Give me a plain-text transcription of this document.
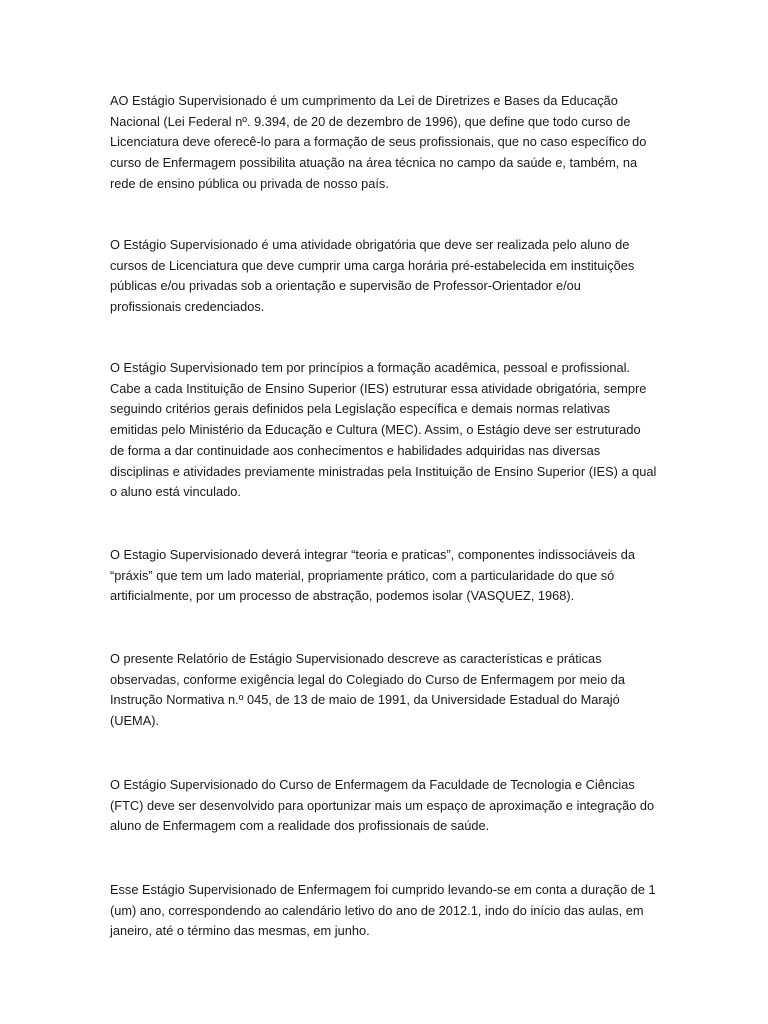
AO Estágio Supervisionado é um cumprimento da Lei de Diretrizes e Bases da Educação
Nacional (Lei Federal nº. 9.394, de 20 de dezembro de 1996), que define que todo curso de
Licenciatura deve oferecê-lo para a formação de seus profissionais, que no caso específico do
curso de Enfermagem possibilita atuação na área técnica no campo da saúde e, também, na
rede de ensino pública ou privada de nosso país.

O Estágio Supervisionado é uma atividade obrigatória que deve ser realizada pelo aluno de
cursos de Licenciatura que deve cumprir uma carga horária pré-estabelecida em instituições
públicas e/ou privadas sob a orientação e supervisão de Professor-Orientador e/ou
profissionais credenciados.

O Estágio Supervisionado tem por princípios a formação acadêmica, pessoal e profissional.
Cabe a cada Instituição de Ensino Superior (IES) estruturar essa atividade obrigatória, sempre
seguindo critérios gerais definidos pela Legislação específica e demais normas relativas
emitidas pelo Ministério da Educação e Cultura (MEC). Assim, o Estágio deve ser estruturado
de forma a dar continuidade aos conhecimentos e habilidades adquiridas nas diversas
disciplinas e atividades previamente ministradas pela Instituição de Ensino Superior (IES) a qual
o aluno está vinculado.

O Estagio Supervisionado deverá integrar “teoria e praticas”, componentes indissociáveis da
“práxis” que tem um lado material, propriamente prático, com a particularidade do que só
artificialmente, por um processo de abstração, podemos isolar (VASQUEZ, 1968).

O presente Relatório de Estágio Supervisionado descreve as características e práticas
observadas, conforme exigência legal do Colegiado do Curso de Enfermagem por meio da
Instrução Normativa n.º 045, de 13 de maio de 1991, da Universidade Estadual do Marajó
(UEMA).

O Estágio Supervisionado do Curso de Enfermagem da Faculdade de Tecnologia e Ciências
(FTC) deve ser desenvolvido para oportunizar mais um espaço de aproximação e integração do
aluno de Enfermagem com a realidade dos profissionais de saúde.

Esse Estágio Supervisionado de Enfermagem foi cumprido levando-se em conta a duração de 1
(um) ano, correspondendo ao calendário letivo do ano de 2012.1, indo do início das aulas, em
janeiro, até o término das mesmas, em junho.
